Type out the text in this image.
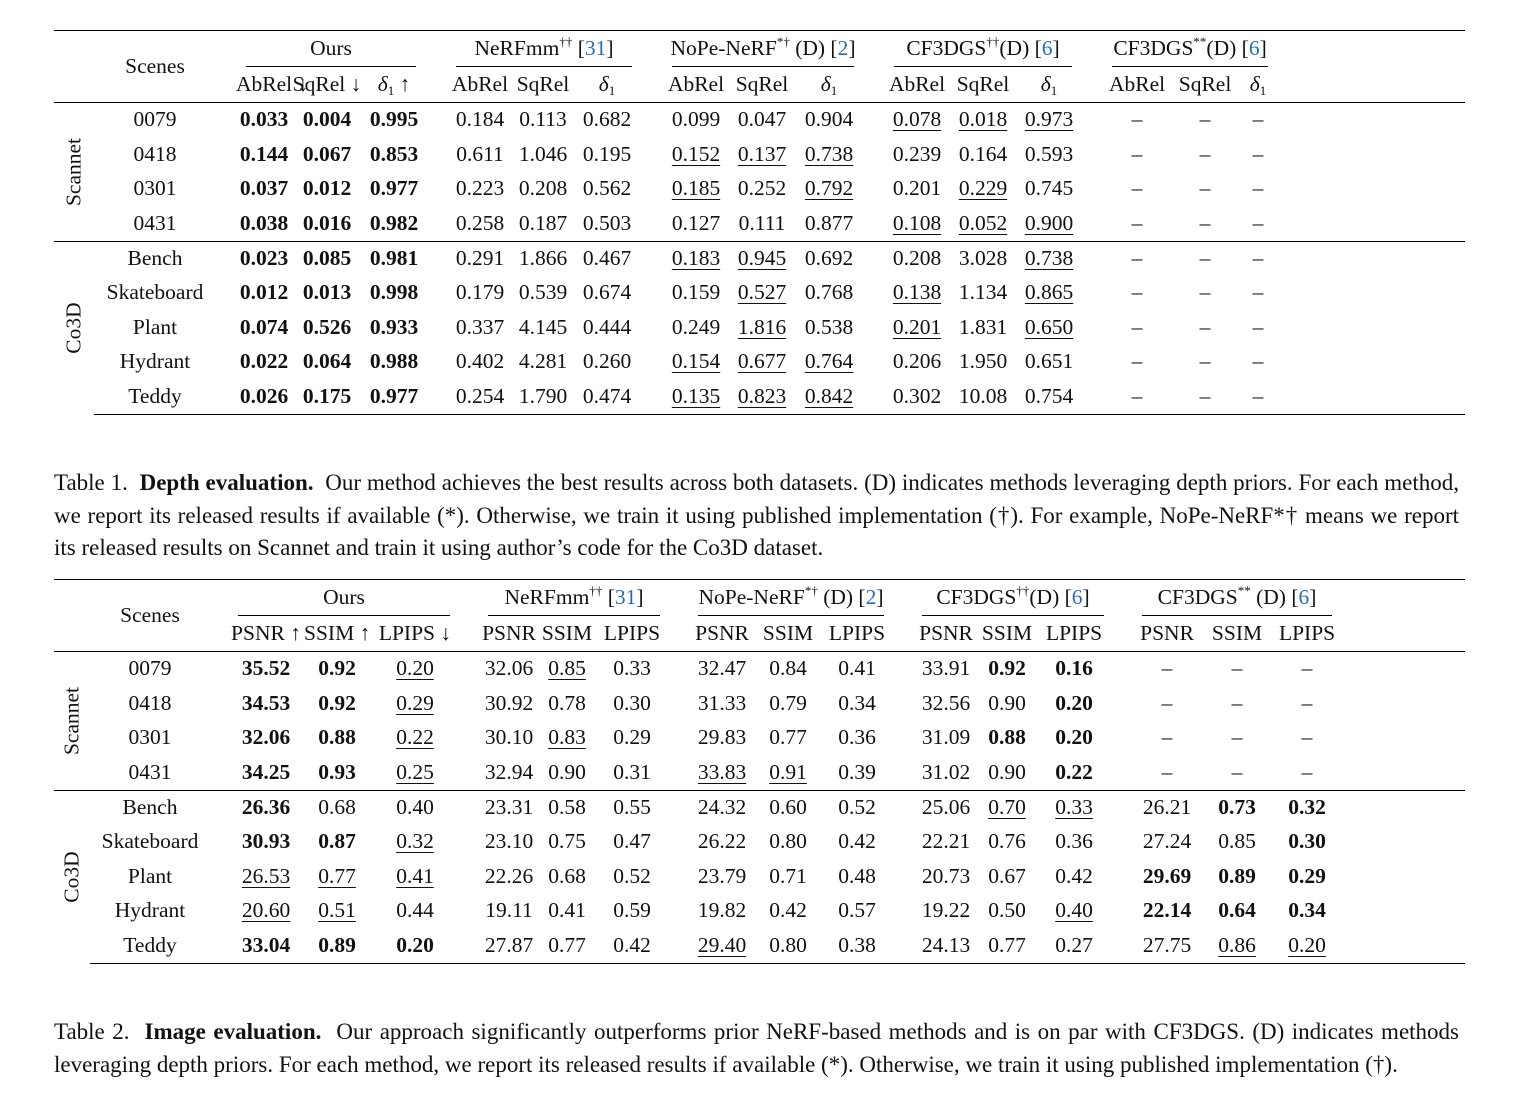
	Scenes		Ours				NeRFmm†† [31]				NoPe-NeRF*† (D) [2]				CF3DGS††(D) [6]				CF3DGS**(D) [6]			
			AbRel ↓	SqRel ↓	$\delta_1$ ↑		AbRel	SqRel	$\delta_1$		AbRel	SqRel	$\delta_1$		AbRel	SqRel	$\delta_1$		AbRel	SqRel	$\delta_1$	

Scannet	0079		0.033	0.004	0.995		0.184	0.113	0.682		0.099	0.047	0.904		0.078	0.018	0.973		–	–	–	
	0418		0.144	0.067	0.853		0.611	1.046	0.195		0.152	0.137	0.738		0.239	0.164	0.593		–	–	–	
	0301		0.037	0.012	0.977		0.223	0.208	0.562		0.185	0.252	0.792		0.201	0.229	0.745		–	–	–	
	0431		0.038	0.016	0.982		0.258	0.187	0.503		0.127	0.111	0.877		0.108	0.052	0.900		–	–	–	

Co3D	Bench		0.023	0.085	0.981		0.291	1.866	0.467		0.183	0.945	0.692		0.208	3.028	0.738		–	–	–	
	Skateboard		0.012	0.013	0.998		0.179	0.539	0.674		0.159	0.527	0.768		0.138	1.134	0.865		–	–	–	
	Plant		0.074	0.526	0.933		0.337	4.145	0.444		0.249	1.816	0.538		0.201	1.831	0.650		–	–	–	
	Hydrant		0.022	0.064	0.988		0.402	4.281	0.260		0.154	0.677	0.764		0.206	1.950	0.651		–	–	–	
	Teddy		0.026	0.175	0.977		0.254	1.790	0.474		0.135	0.823	0.842		0.302	10.08	0.754		–	–	–	

Table 1. Depth evaluation. Our method achieves the best results across both datasets. (D) indicates methods leveraging depth priors. For each method, we report its released results if available (*). Otherwise, we train it using published implementation (†). For example, NoPe-NeRF*† means we report its released results on Scannet and train it using author’s code for the Co3D dataset.

	Scenes		Ours				NeRFmm†† [31]				NoPe-NeRF*† (D) [2]				CF3DGS††(D) [6]				CF3DGS** (D) [6]			
			PSNR ↑	SSIM ↑	LPIPS ↓		PSNR	SSIM	LPIPS		PSNR	SSIM	LPIPS		PSNR	SSIM	LPIPS		PSNR	SSIM	LPIPS	

Scannet	0079		35.52	0.92	0.20		32.06	0.85	0.33		32.47	0.84	0.41		33.91	0.92	0.16		–	–	–	
	0418		34.53	0.92	0.29		30.92	0.78	0.30		31.33	0.79	0.34		32.56	0.90	0.20		–	–	–	
	0301		32.06	0.88	0.22		30.10	0.83	0.29		29.83	0.77	0.36		31.09	0.88	0.20		–	–	–	
	0431		34.25	0.93	0.25		32.94	0.90	0.31		33.83	0.91	0.39		31.02	0.90	0.22		–	–	–	

Co3D	Bench		26.36	0.68	0.40		23.31	0.58	0.55		24.32	0.60	0.52		25.06	0.70	0.33		26.21	0.73	0.32	
	Skateboard		30.93	0.87	0.32		23.10	0.75	0.47		26.22	0.80	0.42		22.21	0.76	0.36		27.24	0.85	0.30	
	Plant		26.53	0.77	0.41		22.26	0.68	0.52		23.79	0.71	0.48		20.73	0.67	0.42		29.69	0.89	0.29	
	Hydrant		20.60	0.51	0.44		19.11	0.41	0.59		19.82	0.42	0.57		19.22	0.50	0.40		22.14	0.64	0.34	
	Teddy		33.04	0.89	0.20		27.87	0.77	0.42		29.40	0.80	0.38		24.13	0.77	0.27		27.75	0.86	0.20	

Table 2. Image evaluation. Our approach significantly outperforms prior NeRF-based methods and is on par with CF3DGS. (D) indicates methods leveraging depth priors. For each method, we report its released results if available (*). Otherwise, we train it using published implementation (†).
